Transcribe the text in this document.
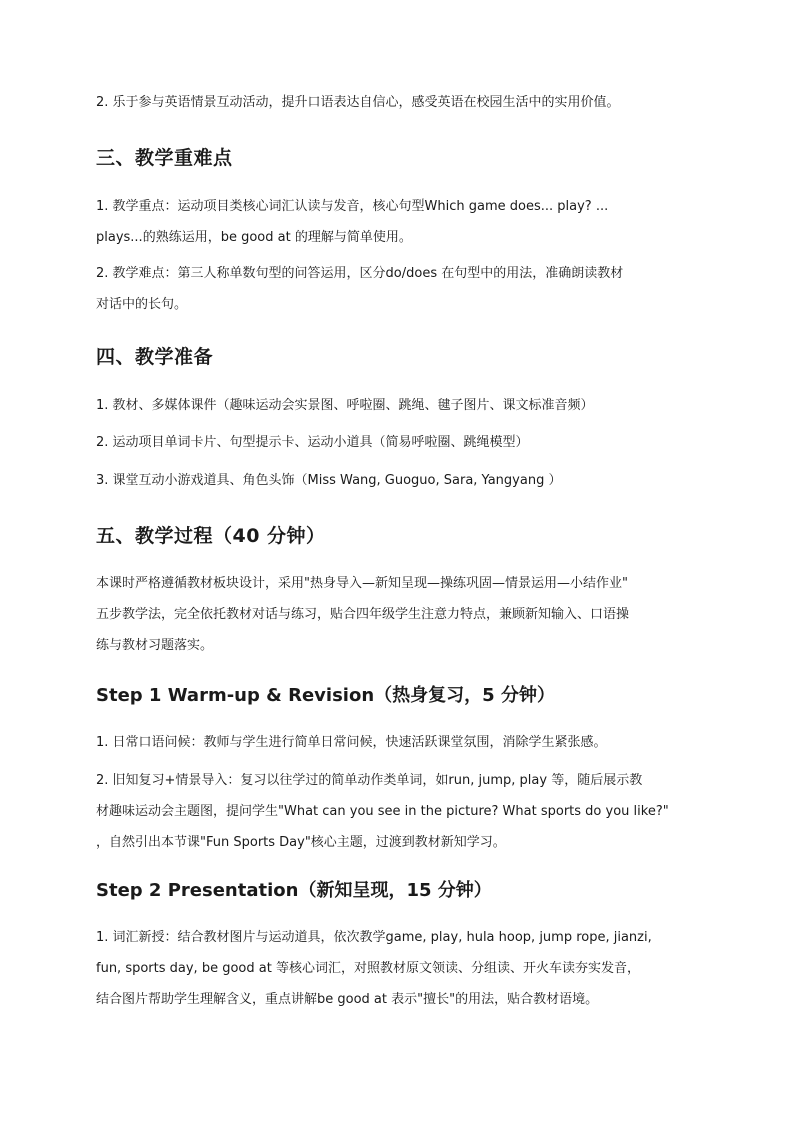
2. 乐于参与英语情景互动活动，提升口语表达自信心，感受英语在校园生活中的实用价值。

三、教学重难点
1. 教学重点：运动项目类核心词汇认读与发音，核心句型Which game does... play? ...
plays...的熟练运用，be good at 的理解与简单使用。
2. 教学难点：第三人称单数句型的问答运用，区分do/does 在句型中的用法，准确朗读教材
对话中的长句。
四、教学准备

1. 教材、多媒体课件（趣味运动会实景图、呼啦圈、跳绳、毽子图片、课文标准音频）

2. 运动项目单词卡片、句型提示卡、运动小道具（简易呼啦圈、跳绳模型）

3. 课堂互动小游戏道具、角色头饰（Miss Wang, Guoguo, Sara, Yangyang ）

五、教学过程（40 分钟）
本课时严格遵循教材板块设计，采用"热身导入—新知呈现—操练巩固—情景运用—小结作业"
五步教学法，完全依托教材对话与练习，贴合四年级学生注意力特点，兼顾新知输入、口语操
练与教材习题落实。
Step 1 Warm-up & Revision（热身复习，5 分钟）

1. 日常口语问候：教师与学生进行简单日常问候，快速活跃课堂氛围，消除学生紧张感。

2. 旧知复习+情景导入：复习以往学过的简单动作类单词，如run, jump, play 等，随后展示教
材趣味运动会主题图，提问学生"What can you see in the picture? What sports do you like?"
，自然引出本节课"Fun Sports Day"核心主题，过渡到教材新知学习。
Step 2 Presentation（新知呈现，15 分钟）
1. 词汇新授：结合教材图片与运动道具，依次教学game, play, hula hoop, jump rope, jianzi,
fun, sports day, be good at 等核心词汇，对照教材原文领读、分组读、开火车读夯实发音，
结合图片帮助学生理解含义，重点讲解be good at 表示"擅长"的用法，贴合教材语境。
